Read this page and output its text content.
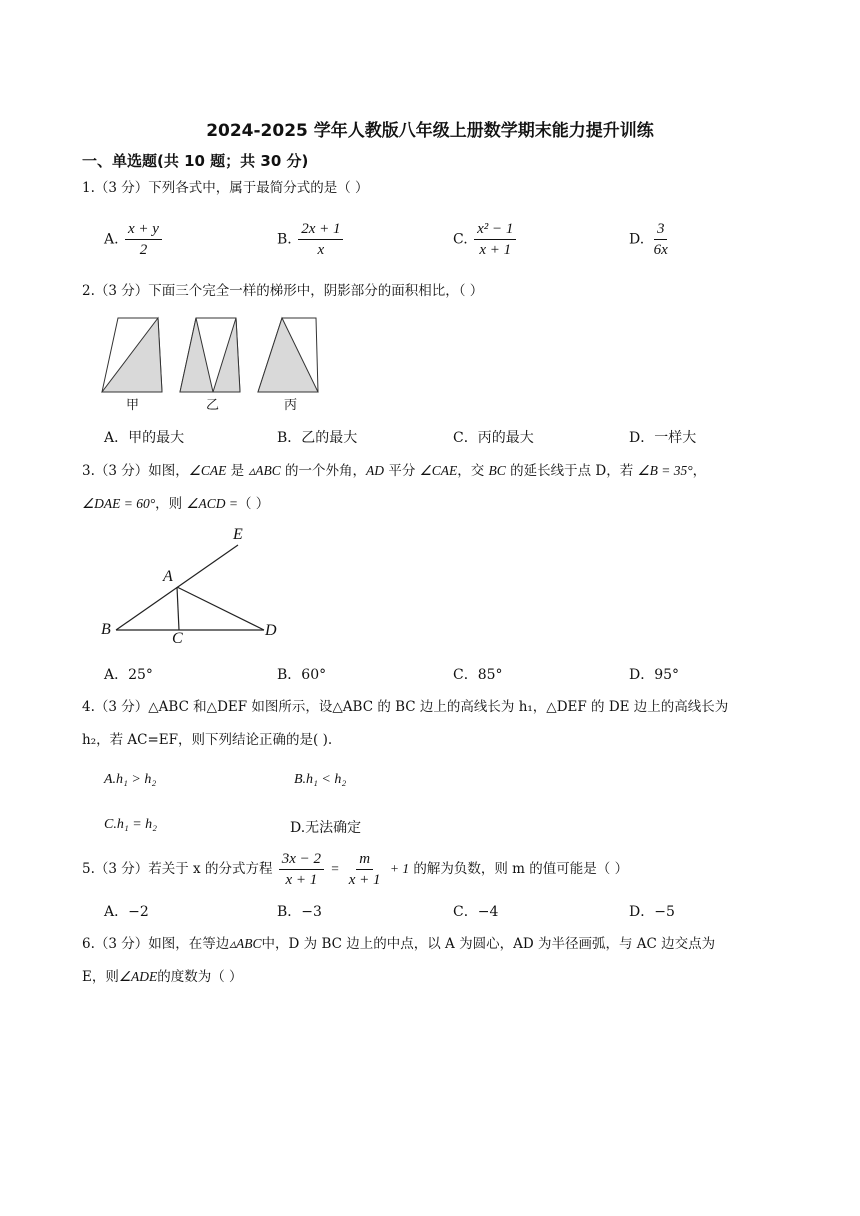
2024-2025 学年人教版八年级上册数学期末能力提升训练
一、单选题(共 10 题；共 30 分)
1.（3 分）下列各式中，属于最简分式的是（ ）
A. $\frac{x + y}{2}$	B. $\frac{2x + 1}{x}$	C. $\frac{\text{x² − 1}}{x + 1}$	D. $\frac{3}{6x}$
2.（3 分）下面三个完全一样的梯形中，阴影部分的面积相比，（ ）
甲	乙	丙
A．甲的最大	B．乙的最大	C．丙的最大	D．一样大
3.（3 分）如图，∠CAE 是 ▵ABC 的一个外角，AD 平分 ∠CAE，交 BC 的延长线于点 D，若 ∠B = 35°，
∠DAE = 60°，则 ∠ACD =（ ）
E
A
B
C	D
A．25°	B．60°	C．85°	D．95°
4.（3 分）△ABC 和△DEF 如图所示，设△ABC 的 BC 边上的高线长为 h₁，△DEF 的 DE 边上的高线长为
h₂，若 AC=EF，则下列结论正确的是( ).
A.h₁ > h₂	B.h₁ < h₂
C.h₁ = h₂	D.无法确定
5.（3 分）若关于 x 的分式方程 $\frac{3x - 2}{x + 1} = \frac{m}{x + 1} + 1$ 的解为负数，则 m 的值可能是（ ）
A．−2	B．−3	C．−4	D．−5
6.（3 分）如图，在等边▵ABC中，D 为 BC 边上的中点，以 A 为圆心，AD 为半径画弧，与 AC 边交点为
E，则∠ADE的度数为（ ）
